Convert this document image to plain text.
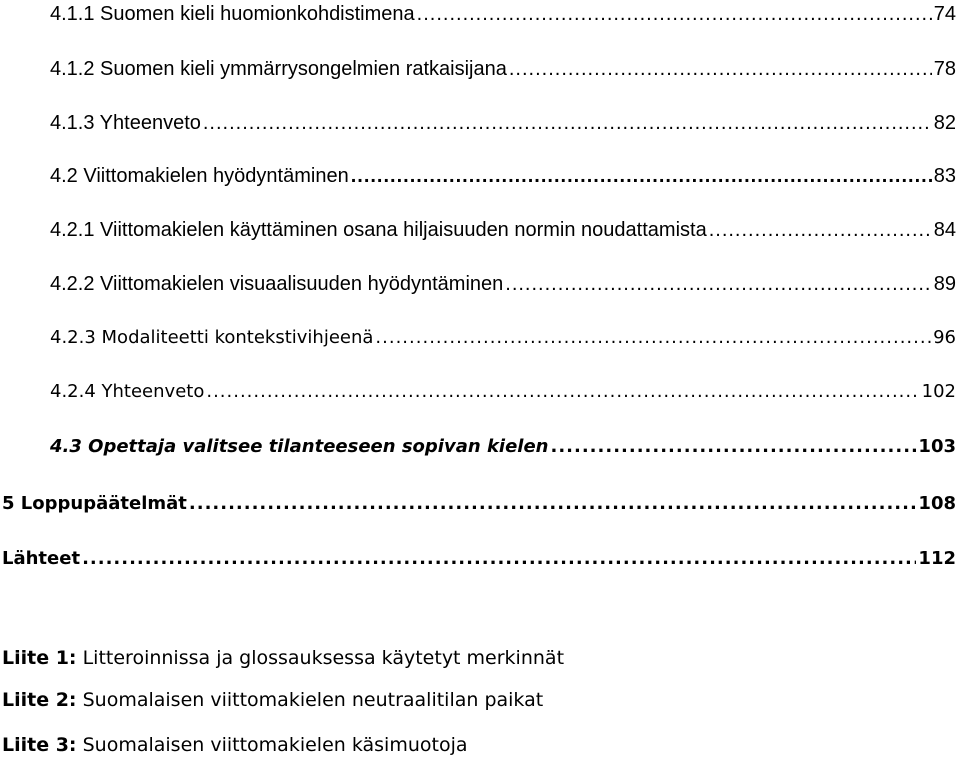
4.1.1 Suomen kieli huomionkohdistimena .....	74
4.1.2 Suomen kieli ymmärrysongelmien ratkaisijana .....	78
4.1.3 Yhteenveto .....	82
4.2 Viittomakielen hyödyntäminen .....	83
4.2.1 Viittomakielen käyttäminen osana hiljaisuuden normin noudattamista .....	84
4.2.2 Viittomakielen visuaalisuuden hyödyntäminen .....	89
4.2.3 Modaliteetti kontekstivihjeenä .....	96
4.2.4 Yhteenveto .....	102
4.3 Opettaja valitsee tilanteeseen sopivan kielen .....	103
5 Loppupäätelmät .....	108
Lähteet .....	112
Liite 1: Litteroinnissa ja glossauksessa käytetyt merkinnät
Liite 2: Suomalaisen viittomakielen neutraalitilan paikat
Liite 3: Suomalaisen viittomakielen käsimuotoja
